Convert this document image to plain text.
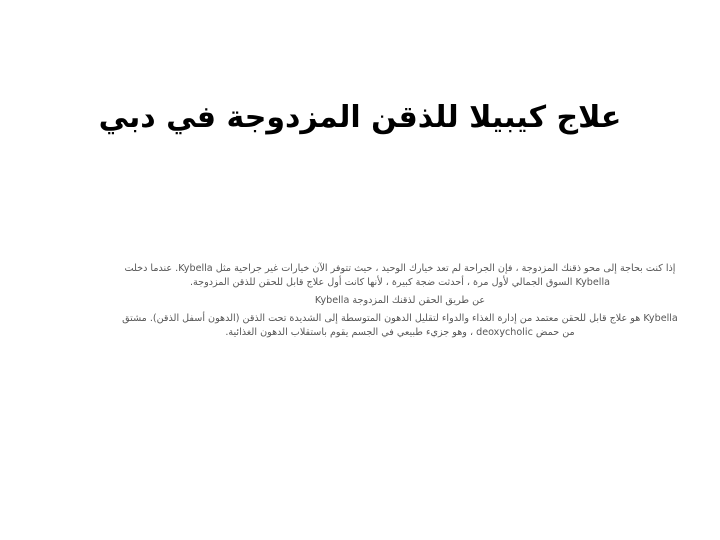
علاج كيبيلا للذقن المزدوجة في دبي

إذا كنت بحاجة إلى محو ذقنك المزدوجة ، فإن الجراحة لم تعد خيارك الوحيد ، حيث تتوفر الآن خيارات غير جراحية مثل Kybella. عندما دخلت Kybella السوق الجمالي لأول مرة ، أحدثت ضجة كبيرة ، لأنها كانت أول علاج قابل للحقن للذقن المزدوجة.

عن طريق الحقن لذقنك المزدوجة Kybella

Kybella هو علاج قابل للحقن معتمد من إدارة الغذاء والدواء لتقليل الدهون المتوسطة إلى الشديدة تحت الذقن (الدهون أسفل الذقن). مشتق من حمض deoxycholic ، وهو جزيء طبيعي في الجسم يقوم باستقلاب الدهون الغذائية.
